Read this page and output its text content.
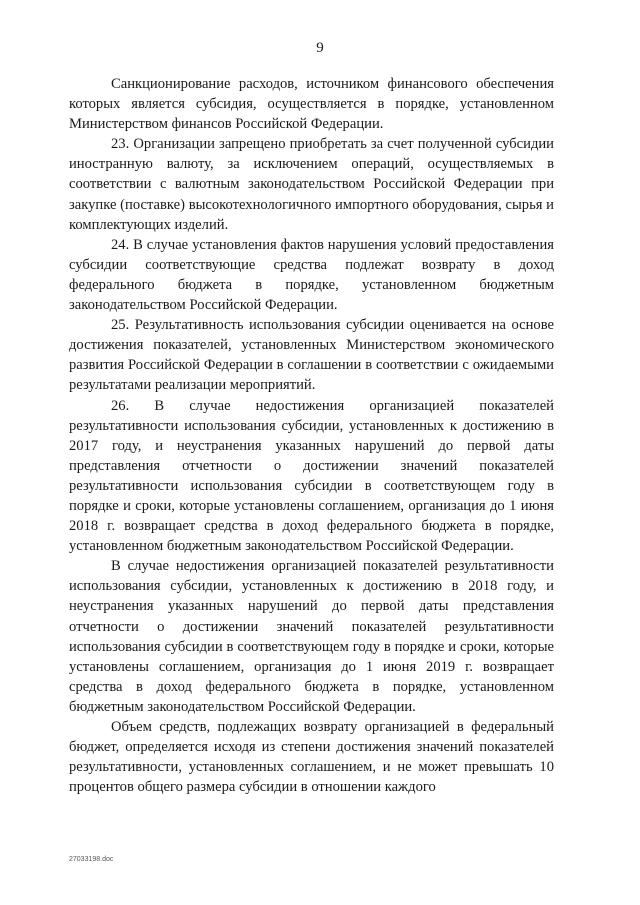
9

Санкционирование расходов, источником финансового обеспечения которых является субсидия, осуществляется в порядке, установленном Министерством финансов Российской Федерации.

23. Организации запрещено приобретать за счет полученной субсидии иностранную валюту, за исключением операций, осуществляемых в соответствии с валютным законодательством Российской Федерации при закупке (поставке) высокотехнологичного импортного оборудования, сырья и комплектующих изделий.

24. В случае установления фактов нарушения условий предоставления субсидии соответствующие средства подлежат возврату в доход федерального бюджета в порядке, установленном бюджетным законодательством Российской Федерации.

25. Результативность использования субсидии оценивается на основе достижения показателей, установленных Министерством экономического развития Российской Федерации в соглашении в соответствии с ожидаемыми результатами реализации мероприятий.

26. В случае недостижения организацией показателей результативности использования субсидии, установленных к достижению в 2017 году, и неустранения указанных нарушений до первой даты представления отчетности о достижении значений показателей результативности использования субсидии в соответствующем году в порядке и сроки, которые установлены соглашением, организация до 1 июня 2018 г. возвращает средства в доход федерального бюджета в порядке, установленном бюджетным законодательством Российской Федерации.

В случае недостижения организацией показателей результативности использования субсидии, установленных к достижению в 2018 году, и неустранения указанных нарушений до первой даты представления отчетности о достижении значений показателей результативности использования субсидии в соответствующем году в порядке и сроки, которые установлены соглашением, организация до 1 июня 2019 г. возвращает средства в доход федерального бюджета в порядке, установленном бюджетным законодательством Российской Федерации.

Объем средств, подлежащих возврату организацией в федеральный бюджет, определяется исходя из степени достижения значений показателей результативности, установленных соглашением, и не может превышать 10 процентов общего размера субсидии в отношении каждого

27033198.doc
